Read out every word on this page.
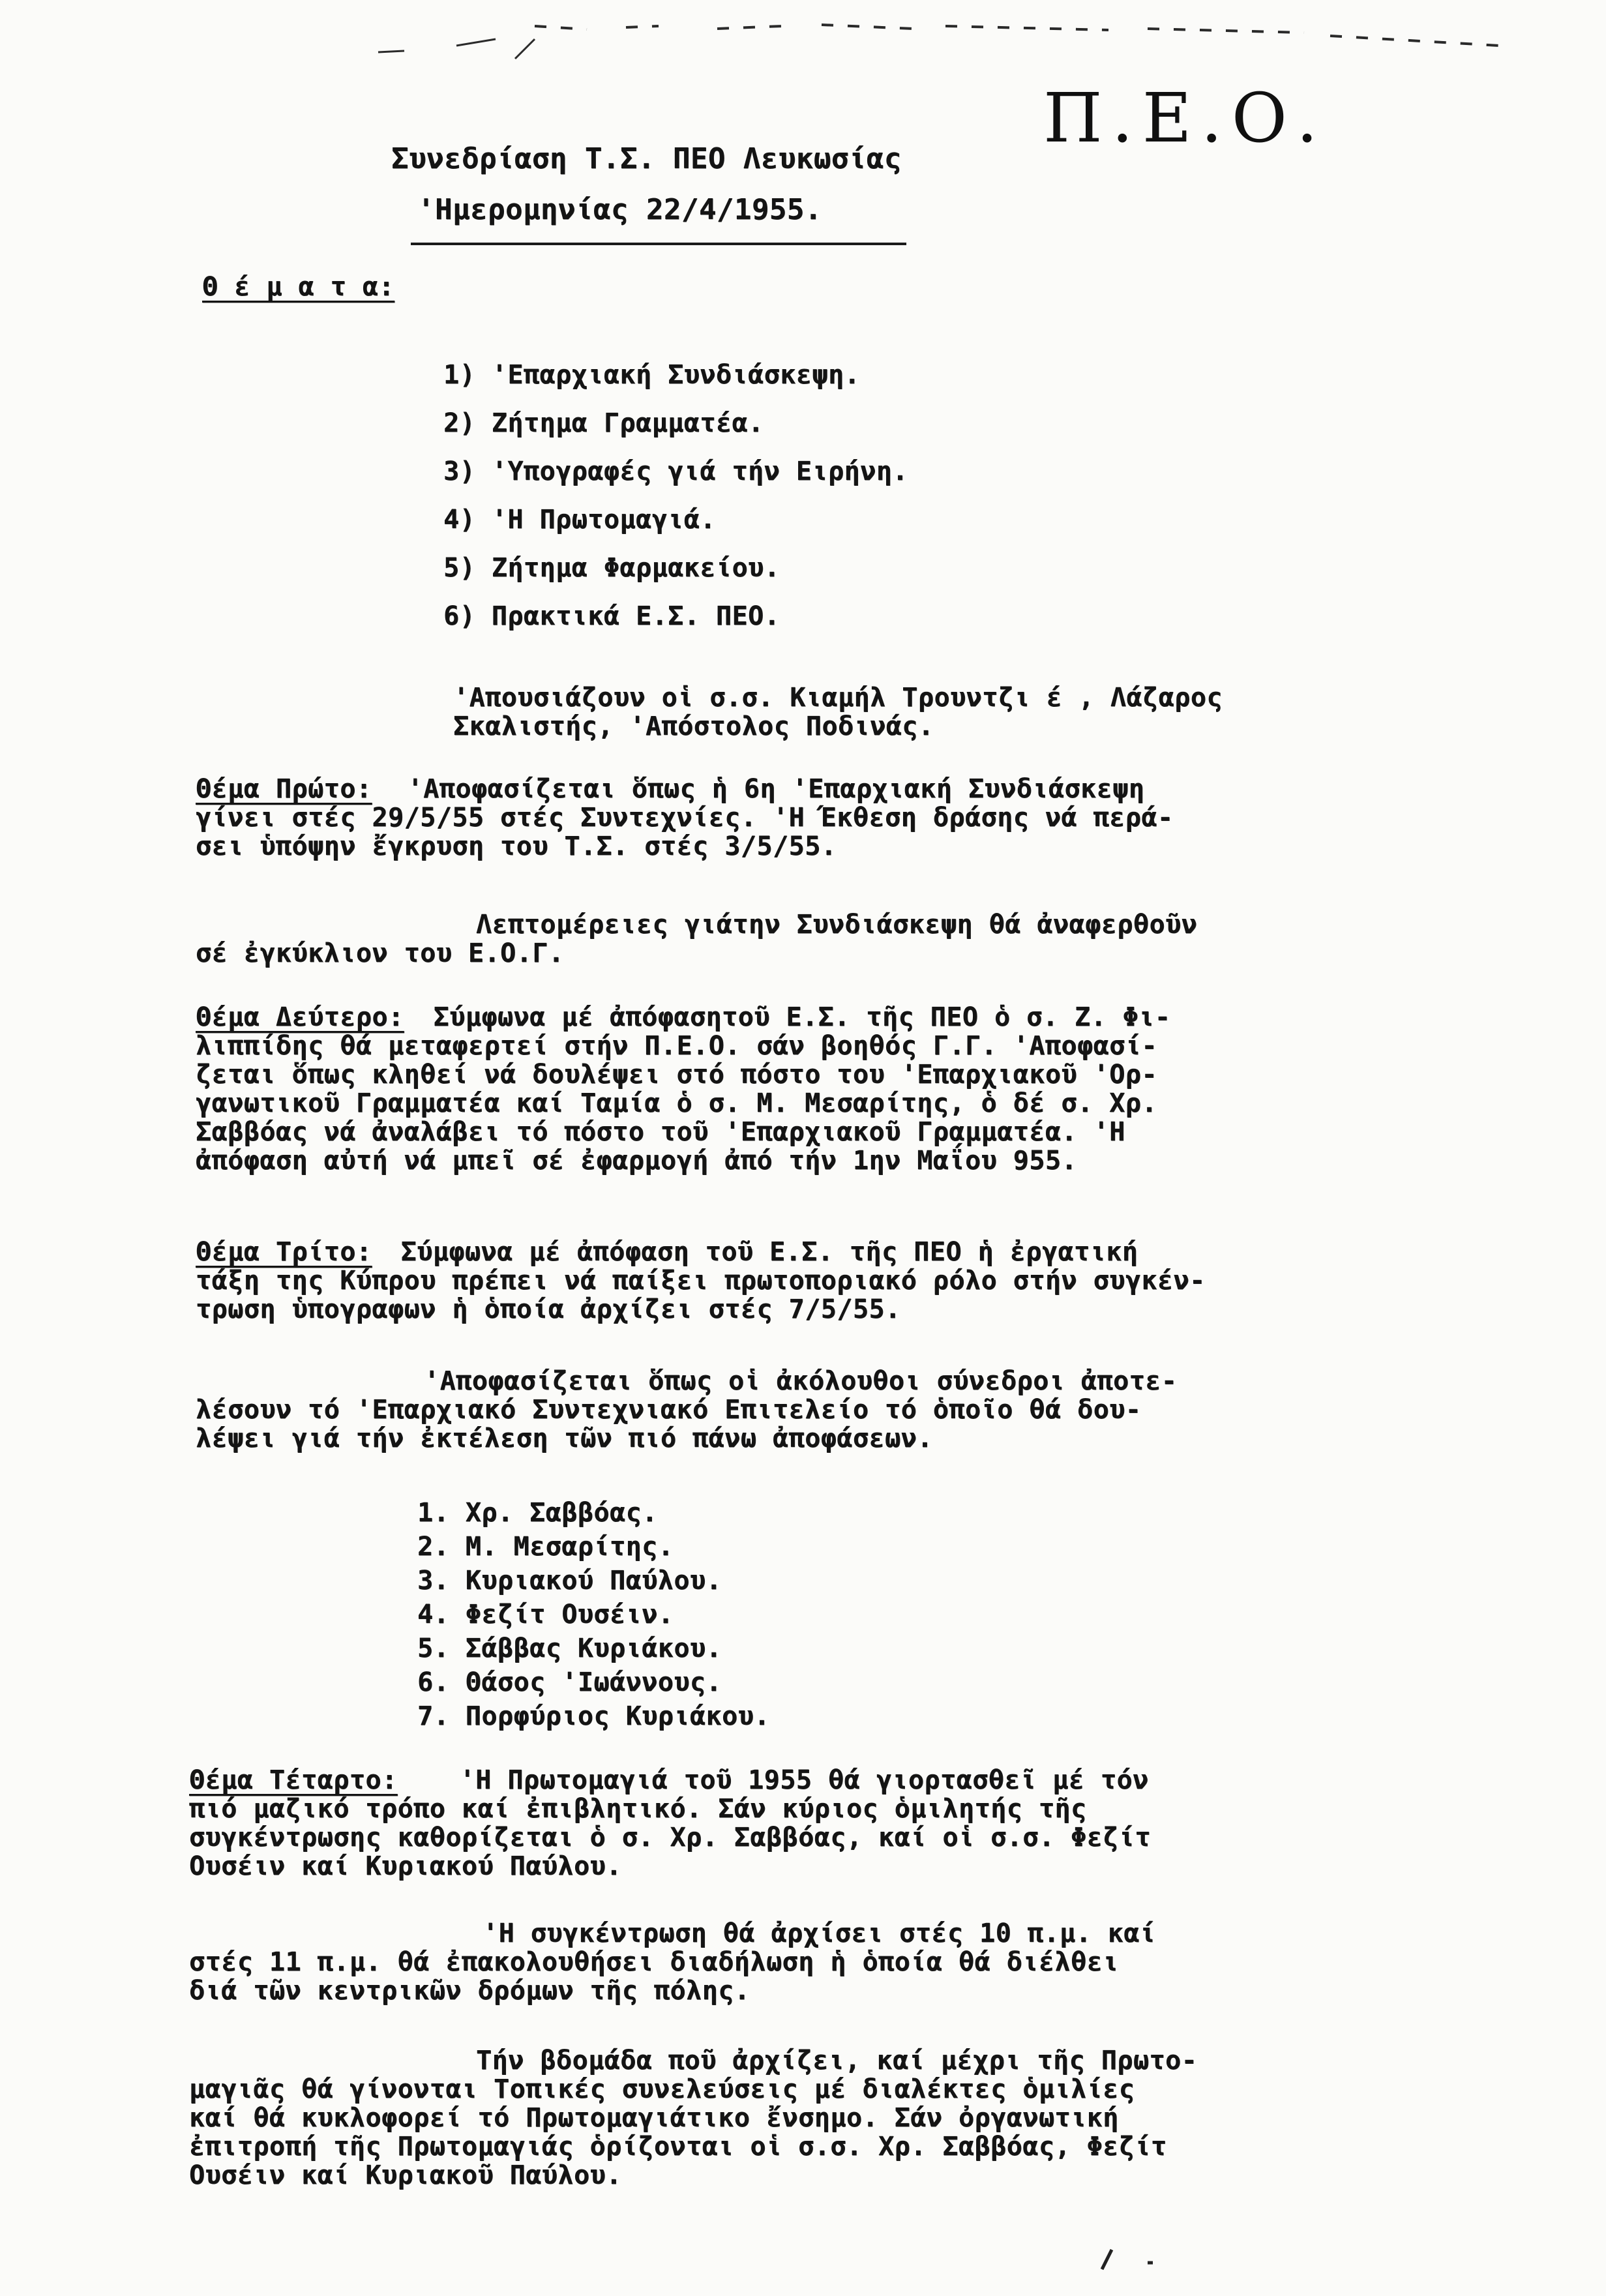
Π.Ε.Ο.
Συνεδρίαση Τ.Σ. ΠΕΟ Λευκωσίας
'Ημερομηνίας 22/4/1955.
Θ έ μ α τ α:
1) 'Επαρχιακή Συνδιάσκεψη.
2) Ζήτημα Γραμματέα.
3) 'Υπογραφές γιά τήν Ειρήνη.
4) 'Η Πρωτομαγιά.
5) Ζήτημα Φαρμακείου.
6) Πρακτικά Ε.Σ. ΠΕΟ.
'Απουσιάζουν οἱ σ.σ. Κιαμήλ Τρουντζι έ , Λάζαρος
Σκαλιστής, 'Απόστολος Ποδινάς.
Θέμα Πρώτο: 'Αποφασίζεται ὅπως ἡ 6η 'Επαρχιακή Συνδιάσκεψη
γίνει στές 29/5/55 στές Συντεχνίες. 'Η Έκθεση δράσης νά περά-
σει ὑπόψην ἔγκρυση του Τ.Σ. στές 3/5/55.
Λεπτομέρειες γιάτην Συνδιάσκεψη θά ἀναφερθοῦν
σέ ἐγκύκλιον του Ε.Ο.Γ.
Θέμα Δεύτερο: Σύμφωνα μέ ἀπόφασητοῦ Ε.Σ. τῆς ΠΕΟ ὁ σ. Ζ. Φι-
λιππίδης θά μεταφερτεί στήν Π.Ε.Ο. σάν βοηθός Γ.Γ. 'Αποφασί-
ζεται ὅπως κληθεί νά δουλέψει στό πόστο του 'Επαρχιακοῦ 'Ορ-
γανωτικοῦ Γραμματέα καί Ταμία ὁ σ. Μ. Μεσαρίτης, ὁ δέ σ. Χρ.
Σαββόας νά ἀναλάβει τό πόστο τοῦ 'Επαρχιακοῦ Γραμματέα. 'Η
ἀπόφαση αὐτή νά μπεῖ σέ ἐφαρμογή ἀπό τήν 1ην Μαΐου 955.
Θέμα Τρίτο: Σύμφωνα μέ ἀπόφαση τοῦ Ε.Σ. τῆς ΠΕΟ ἡ ἐργατική
τάξη της Κύπρου πρέπει νά παίξει πρωτοποριακό ρόλο στήν συγκέν-
τρωση ὑπογραφων ἡ ὁποία ἀρχίζει στές 7/5/55.
'Αποφασίζεται ὅπως οἱ ἀκόλουθοι σύνεδροι ἀποτε-
λέσουν τό 'Επαρχιακό Συντεχνιακό Επιτελείο τό ὁποῖο θά δου-
λέψει γιά τήν ἐκτέλεση τῶν πιό πάνω ἀποφάσεων.
1. Χρ. Σαββόας.
2. Μ. Μεσαρίτης.
3. Κυριακού Παύλου.
4. Φεζίτ Ουσέιν.
5. Σάββας Κυριάκου.
6. Θάσος 'Ιωάννους.
7. Πορφύριος Κυριάκου.
Θέμα Τέταρτο: 'Η Πρωτομαγιά τοῦ 1955 θά γιορτασθεῖ μέ τόν
πιό μαζικό τρόπο καί ἐπιβλητικό. Σάν κύριος ὁμιλητής τῆς
συγκέντρωσης καθορίζεται ὁ σ. Χρ. Σαββόας, καί οἱ σ.σ. Φεζίτ
Ουσέιν καί Κυριακού Παύλου.
'Η συγκέντρωση θά ἀρχίσει στές 10 π.μ. καί
στές 11 π.μ. θά ἐπακολουθήσει διαδήλωση ἡ ὁποία θά διέλθει
διά τῶν κεντρικῶν δρόμων τῆς πόλης.
Τήν βδομάδα ποῦ ἀρχίζει, καί μέχρι τῆς Πρωτο-
μαγιᾶς θά γίνονται Τοπικές συνελεύσεις μέ διαλέκτες ὁμιλίες
καί θά κυκλοφορεί τό Πρωτομαγιάτικο ἔνσημο. Σάν ὀργανωτική
ἐπιτροπή τῆς Πρωτομαγιάς ὁρίζονται οἱ σ.σ. Χρ. Σαββόας, Φεζίτ
Ουσέιν καί Κυριακοῦ Παύλου.
